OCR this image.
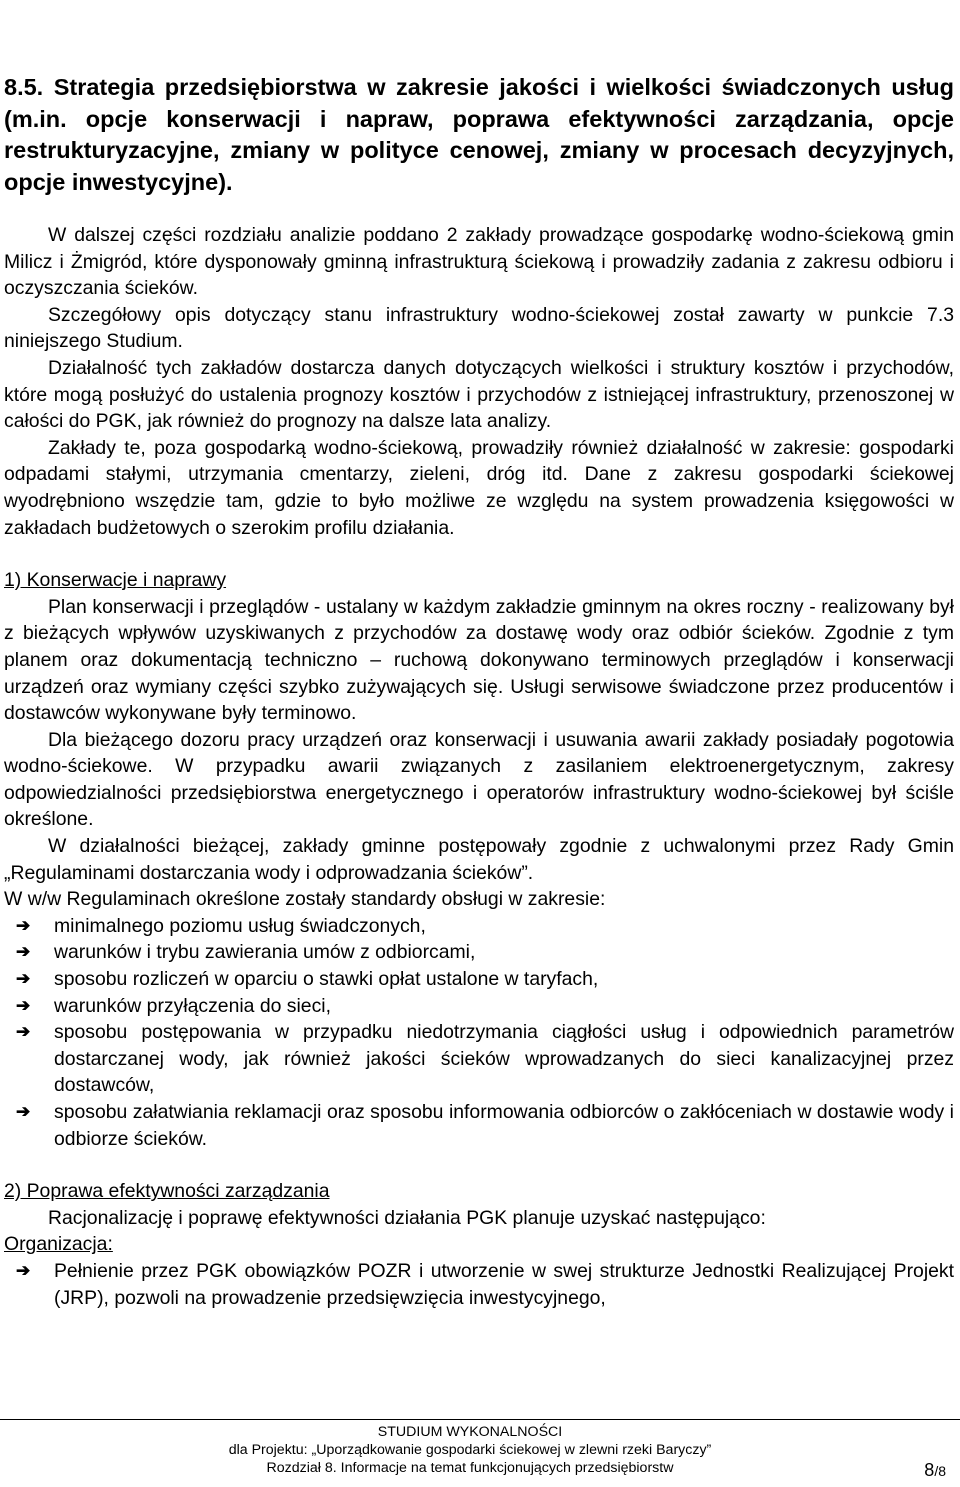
8.5. Strategia przedsiębiorstwa w zakresie jakości i wielkości świadczonych usług (m.in. opcje konserwacji i napraw, poprawa efektywności zarządzania, opcje restrukturyzacyjne, zmiany w polityce cenowej, zmiany w procesach decyzyjnych, opcje inwestycyjne).

W dalszej części rozdziału analizie poddano 2 zakłady prowadzące gospodarkę wodno-ściekową gmin Milicz i Żmigród, które dysponowały gminną infrastrukturą ściekową i prowadziły zadania z zakresu odbioru i oczyszczania ścieków.

Szczegółowy opis dotyczący stanu infrastruktury wodno-ściekowej został zawarty w punkcie 7.3 niniejszego Studium.

Działalność tych zakładów dostarcza danych dotyczących wielkości i struktury kosztów i przychodów, które mogą posłużyć do ustalenia prognozy kosztów i przychodów z istniejącej infrastruktury, przenoszonej w całości do PGK, jak również do prognozy na dalsze lata analizy.

Zakłady te, poza gospodarką wodno-ściekową, prowadziły również działalność w zakresie: gospodarki odpadami stałymi, utrzymania cmentarzy, zieleni, dróg itd. Dane z zakresu gospodarki ściekowej wyodrębniono wszędzie tam, gdzie to było możliwe ze względu na system prowadzenia księgowości w zakładach budżetowych o szerokim profilu działania.

1) Konserwacje i naprawy

Plan konserwacji i przeglądów - ustalany w każdym zakładzie gminnym na okres roczny - realizowany był z bieżących wpływów uzyskiwanych z przychodów za dostawę wody oraz odbiór ścieków. Zgodnie z tym planem oraz dokumentacją techniczno – ruchową dokonywano terminowych przeglądów i konserwacji urządzeń oraz wymiany części szybko zużywających się. Usługi serwisowe świadczone przez producentów i dostawców wykonywane były terminowo.

Dla bieżącego dozoru pracy urządzeń oraz konserwacji i usuwania awarii zakłady posiadały pogotowia wodno-ściekowe. W przypadku awarii związanych z zasilaniem elektroenergetycznym, zakresy odpowiedzialności przedsiębiorstwa energetycznego i operatorów infrastruktury wodno-ściekowej był ściśle określone.

W działalności bieżącej, zakłady gminne postępowały zgodnie z uchwalonymi przez Rady Gmin „Regulaminami dostarczania wody i odprowadzania ścieków”.

W w/w Regulaminach określone zostały standardy obsługi w zakresie:

➔ minimalnego poziomu usług świadczonych,
➔ warunków i trybu zawierania umów z odbiorcami,
➔ sposobu rozliczeń w oparciu o stawki opłat ustalone w taryfach,
➔ warunków przyłączenia do sieci,
➔ sposobu postępowania w przypadku niedotrzymania ciągłości usług i odpowiednich parametrów dostarczanej wody, jak również jakości ścieków wprowadzanych do sieci kanalizacyjnej przez dostawców,
➔ sposobu załatwiania reklamacji oraz sposobu informowania odbiorców o zakłóceniach w dostawie wody i odbiorze ścieków.

2) Poprawa efektywności zarządzania

Racjonalizację i poprawę efektywności działania PGK planuje uzyskać następująco:

Organizacja:

➔ Pełnienie przez PGK obowiązków POZR i utworzenie w swej strukturze Jednostki Realizującej Projekt (JRP), pozwoli na prowadzenie przedsięwzięcia inwestycyjnego,
STUDIUM WYKONALNOŚCI
dla Projektu: „Uporządkowanie gospodarki ściekowej w zlewni rzeki Baryczy”
Rozdział 8. Informacje na temat funkcjonujących przedsiębiorstw	8/8
